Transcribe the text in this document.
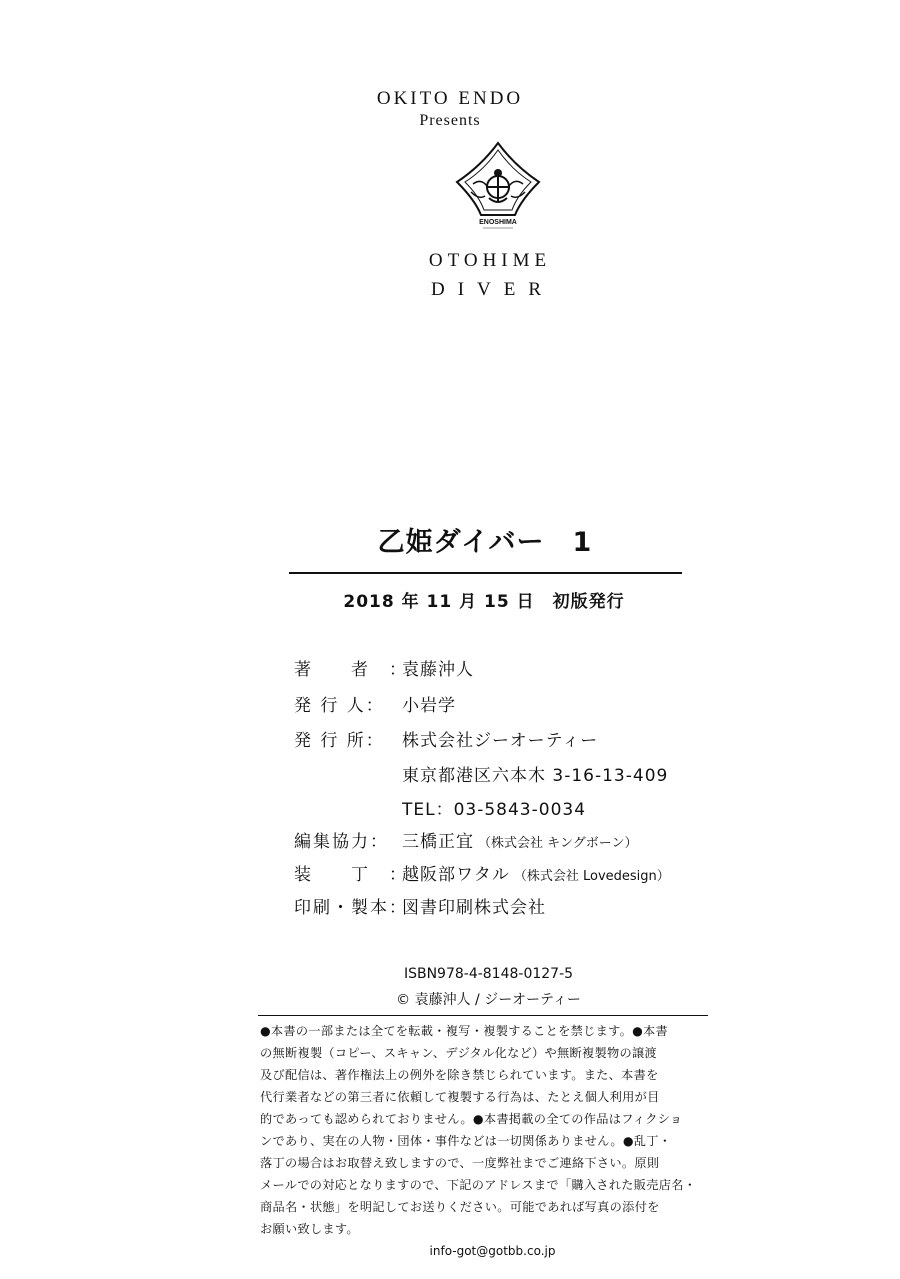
OKITO ENDO
Presents
ENOSHIMA
OTOHIME
DIVER
乙姫ダイバー　1
2018 年 11 月 15 日　初版発行
著　　者　：
袁藤沖人
発 行 人：	小岩学
発 行 所：	株式会社ジーオーティー
東京都港区六本木 3-16-13-409
TEL：03-5843-0034
編集協力： 三橋正宜 （株式会社 キングボーン）
装　　丁　：
越阪部ワタル （株式会社 Lovedesign）
印刷・製本：
図書印刷株式会社
ISBN978-4-8148-0127-5
© 袁藤沖人 / ジーオーティー
●本書の一部または全てを転載・複写・複製することを禁じます。●本書
の無断複製（コピー、スキャン、デジタル化など）や無断複製物の譲渡
及び配信は、著作権法上の例外を除き禁じられています。また、本書を
代行業者などの第三者に依頼して複製する行為は、たとえ個人利用が目
的であっても認められておりません。●本書掲載の全ての作品はフィクショ
ンであり、実在の人物・団体・事件などは一切関係ありません。●乱丁・
落丁の場合はお取替え致しますので、一度弊社までご連絡下さい。原則
メールでの対応となりますので、下記のアドレスまで「購入された販売店名・
商品名・状態」を明記してお送りください。可能であれば写真の添付を
お願い致します。
info-got@gotbb.co.jp
